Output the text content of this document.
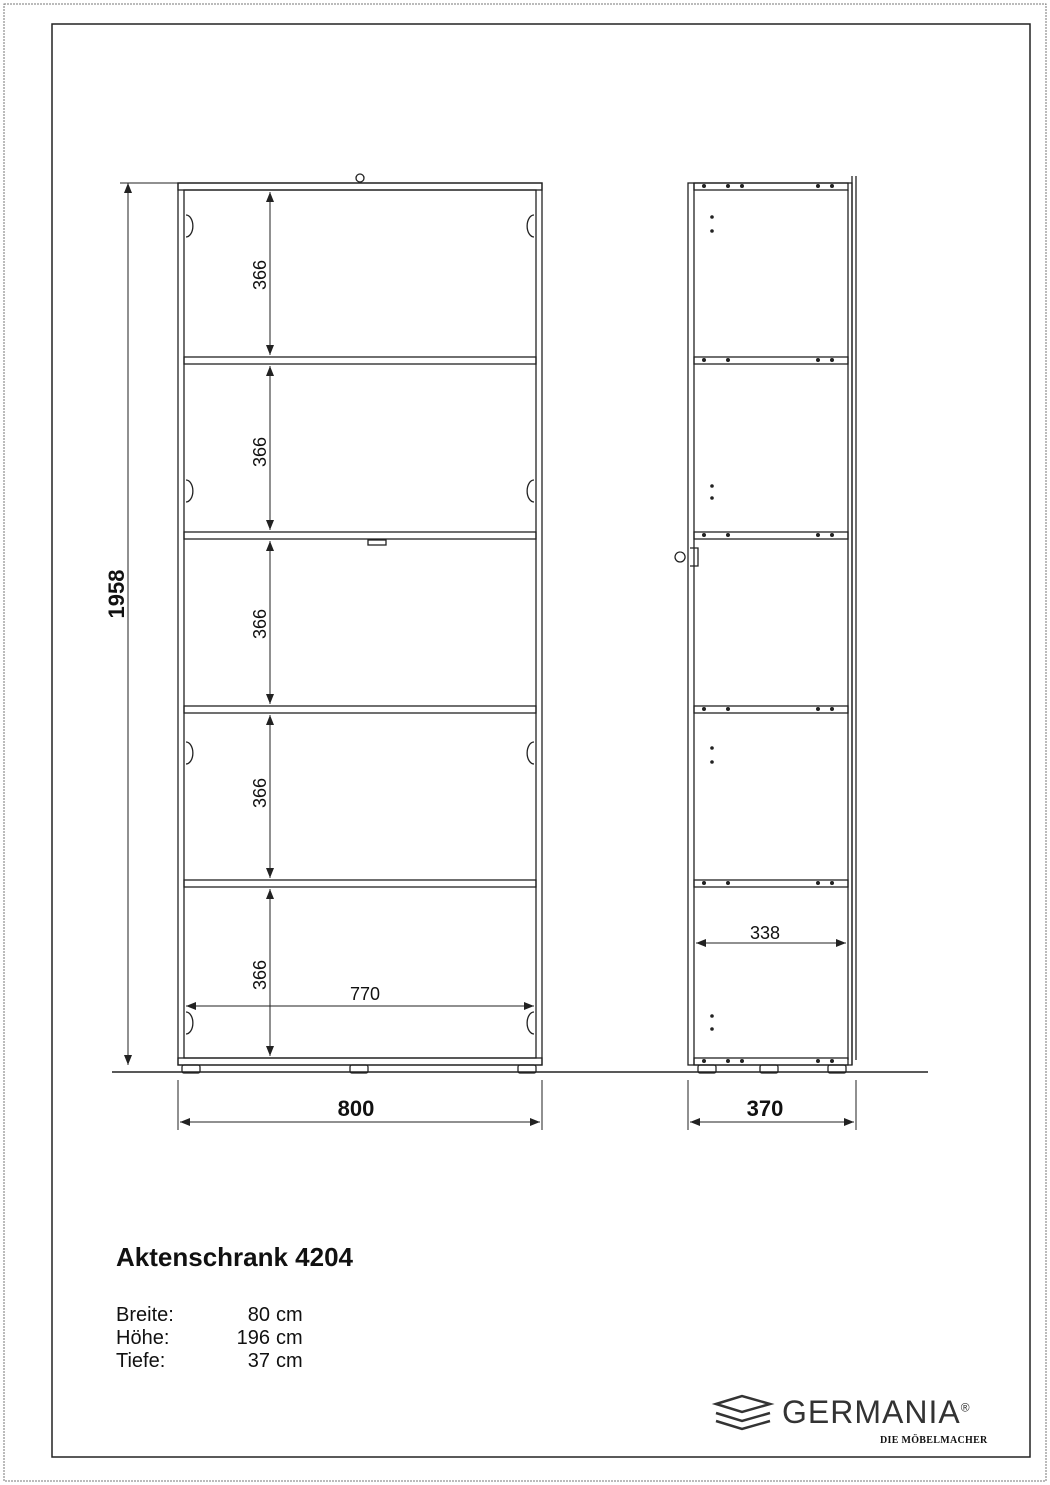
1958
366
366
366
366
366
770
800
338
370
Aktenschrank 4204
Breite:	80 cm
Höhe:	196 cm
Tiefe:	37 cm
GERMANIA®
DIE MÖBELMACHER
